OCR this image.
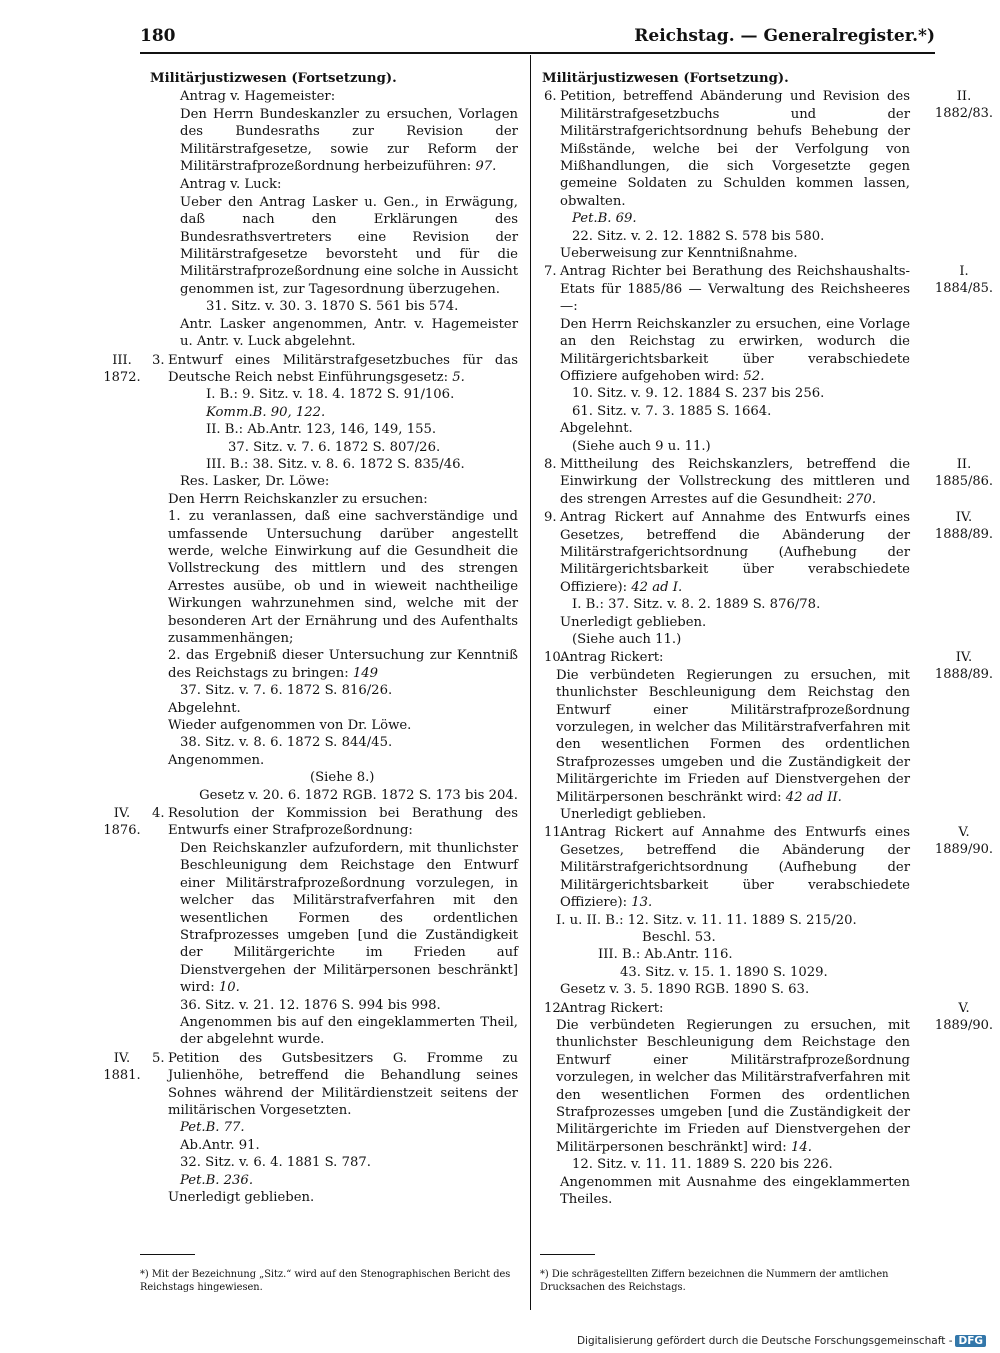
180	Reichstag. — Generalregister.*)
Militärjustizwesen (Fortsetzung).
Antrag v. Hagemeister:
Den Herrn Bundeskanzler zu ersuchen, Vorlagen des Bundesraths zur Revision der Militärstrafgesetze, sowie zur Reform der Militärstrafprozeßordnung herbeizuführen: 97.
Antrag v. Luck:
Ueber den Antrag Lasker u. Gen., in Erwägung, daß nach den Erklärungen des Bundesrathsvertreters eine Revision der Militärstrafgesetze bevorsteht und für die Militärstrafprozeßordnung eine solche in Aussicht genommen ist, zur Tagesordnung überzugehen.
31. Sitz. v. 30. 3. 1870 S. 561 bis 574.
Antr. Lasker angenommen, Antr. v. Hagemeister u. Antr. v. Luck abgelehnt.
III.
1872.
3. Entwurf eines Militärstrafgesetzbuches für das Deutsche Reich nebst Einführungsgesetz: 5.
I. B.: 9. Sitz. v. 18. 4. 1872 S. 91/106.
Komm.B. 90, 122.
II. B.: Ab.Antr. 123, 146, 149, 155.
37. Sitz. v. 7. 6. 1872 S. 807/26.
III. B.: 38. Sitz. v. 8. 6. 1872 S. 835/46.
Res. Lasker, Dr. Löwe:
Den Herrn Reichskanzler zu ersuchen:
1. zu veranlassen, daß eine sachverständige und umfassende Untersuchung darüber angestellt werde, welche Einwirkung auf die Gesundheit die Vollstreckung des mittlern und des strengen Arrestes ausübe, ob und in wieweit nachtheilige Wirkungen wahrzunehmen sind, welche mit der besonderen Art der Ernährung und des Aufenthalts zusammenhängen;
2. das Ergebniß dieser Untersuchung zur Kenntniß des Reichstags zu bringen: 149
37. Sitz. v. 7. 6. 1872 S. 816/26.
Abgelehnt.
Wieder aufgenommen von Dr. Löwe.
38. Sitz. v. 8. 6. 1872 S. 844/45.
Angenommen.
(Siehe 8.)
Gesetz v. 20. 6. 1872 RGB. 1872 S. 173 bis 204.
IV.
1876.
4. Resolution der Kommission bei Berathung des Entwurfs einer Strafprozeßordnung:
Den Reichskanzler aufzufordern, mit thunlichster Beschleunigung dem Reichstage den Entwurf einer Militärstrafprozeßordnung vorzulegen, in welcher das Militärstrafverfahren mit den wesentlichen Formen des ordentlichen Strafprozesses umgeben [und die Zuständigkeit der Militärgerichte im Frieden auf Dienstvergehen der Militärpersonen beschränkt] wird: 10.
36. Sitz. v. 21. 12. 1876 S. 994 bis 998.
Angenommen bis auf den eingeklammerten Theil, der abgelehnt wurde.
IV.
1881.
5. Petition des Gutsbesitzers G. Fromme zu Julienhöhe, betreffend die Behandlung seines Sohnes während der Militärdienstzeit seitens der militärischen Vorgesetzten.
Pet.B. 77.
Ab.Antr. 91.
32. Sitz. v. 6. 4. 1881 S. 787.
Pet.B. 236.
Unerledigt geblieben.
Militärjustizwesen (Fortsetzung).
II.
1882/83.
6. Petition, betreffend Abänderung und Revision des Militärstrafgesetzbuchs und der Militärstrafgerichtsordnung behufs Behebung der Mißstände, welche bei der Verfolgung von Mißhandlungen, die sich Vorgesetzte gegen gemeine Soldaten zu Schulden kommen lassen, obwalten.
Pet.B. 69.
22. Sitz. v. 2. 12. 1882 S. 578 bis 580.
Ueberweisung zur Kenntnißnahme.
I.
1884/85.
7. Antrag Richter bei Berathung des Reichshaushalts-Etats für 1885/86 — Verwaltung des Reichsheeres —:
Den Herrn Reichskanzler zu ersuchen, eine Vorlage an den Reichstag zu erwirken, wodurch die Militärgerichtsbarkeit über verabschiedete Offiziere aufgehoben wird: 52.
10. Sitz. v. 9. 12. 1884 S. 237 bis 256.
61. Sitz. v. 7. 3. 1885 S. 1664.
Abgelehnt.
(Siehe auch 9 u. 11.)
II.
1885/86.
8. Mittheilung des Reichskanzlers, betreffend die Einwirkung der Vollstreckung des mittleren und des strengen Arrestes auf die Gesundheit: 270.
IV.
1888/89.
9. Antrag Rickert auf Annahme des Entwurfs eines Gesetzes, betreffend die Abänderung der Militärstrafgerichtsordnung (Aufhebung der Militärgerichtsbarkeit über verabschiedete Offiziere): 42 ad I.
I. B.: 37. Sitz. v. 8. 2. 1889 S. 876/78.
Unerledigt geblieben.
(Siehe auch 11.)
IV.
1888/89.
10.
Antrag Rickert:
Die verbündeten Regierungen zu ersuchen, mit thunlichster Beschleunigung dem Reichstag den Entwurf einer Militärstrafprozeßordnung vorzulegen, in welcher das Militärstrafverfahren mit den wesentlichen Formen des ordentlichen Strafprozesses umgeben und die Zuständigkeit der Militärgerichte im Frieden auf Dienstvergehen der Militärpersonen beschränkt wird: 42 ad II.
Unerledigt geblieben.
V.
1889/90.
11.
Antrag Rickert auf Annahme des Entwurfs eines Gesetzes, betreffend die Abänderung der Militärstrafgerichtsordnung (Aufhebung der Militärgerichtsbarkeit über verabschiedete Offiziere): 13.
I. u. II. B.: 12. Sitz. v. 11. 11. 1889 S. 215/20.
Beschl. 53.
III. B.: Ab.Antr. 116.
43. Sitz. v. 15. 1. 1890 S. 1029.
Gesetz v. 3. 5. 1890 RGB. 1890 S. 63.
V.
1889/90.
12.
Antrag Rickert:
Die verbündeten Regierungen zu ersuchen, mit thunlichster Beschleunigung dem Reichstage den Entwurf einer Militärstrafprozeßordnung vorzulegen, in welcher das Militärstrafverfahren mit den wesentlichen Formen des ordentlichen Strafprozesses umgeben [und die Zuständigkeit der Militärgerichte im Frieden auf Dienstvergehen der Militärpersonen beschränkt] wird: 14.
12. Sitz. v. 11. 11. 1889 S. 220 bis 226.
Angenommen mit Ausnahme des eingeklammerten Theiles.
*) Mit der Bezeichnung „Sitz.“ wird auf den Stenographischen Bericht des Reichstags hingewiesen.
*) Die schrägestellten Ziffern bezeichnen die Nummern der amtlichen Drucksachen des Reichstags.
Digitalisierung gefördert durch die Deutsche Forschungsgemeinschaft - DFG
